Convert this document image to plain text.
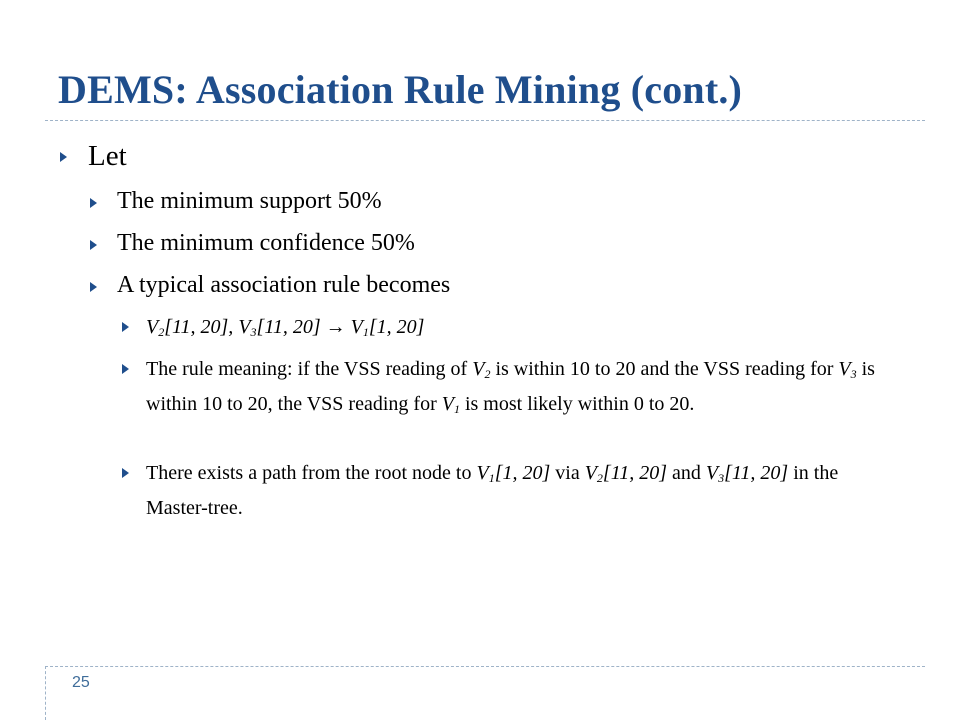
DEMS: Association Rule Mining (cont.)
Let
The minimum support 50%
The minimum confidence 50%
A typical association rule becomes
$V_2[11$, 20], $V_3[11$, $20] \to V_1[1$, 20]
The rule meaning: if the VSS reading of $V_2$ is within 10 to 20 and the VSS reading for $V_3$ is within 10 to 20, the VSS reading for $V_1$ is most likely within 0 to 20.
There exists a path from the root node to $V_1[1$, 20] via $V_2[11$, 20] and $V_3[11$, 20] in the Master-tree.
25
